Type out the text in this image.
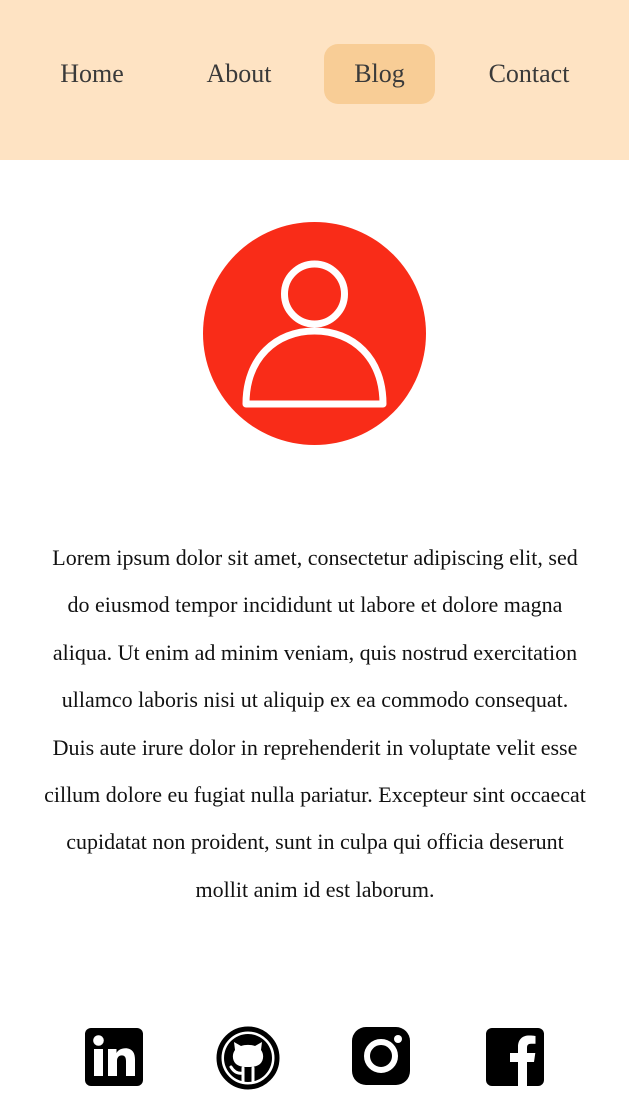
Home	About	Blog	Contact

Lorem ipsum dolor sit amet, consectetur adipiscing elit, sed do eiusmod tempor incididunt ut labore et dolore magna aliqua. Ut enim ad minim veniam, quis nostrud exercitation ullamco laboris nisi ut aliquip ex ea commodo consequat. Duis aute irure dolor in reprehenderit in voluptate velit esse cillum dolore eu fugiat nulla pariatur. Excepteur sint occaecat cupidatat non proident, sunt in culpa qui officia deserunt mollit anim id est laborum.
